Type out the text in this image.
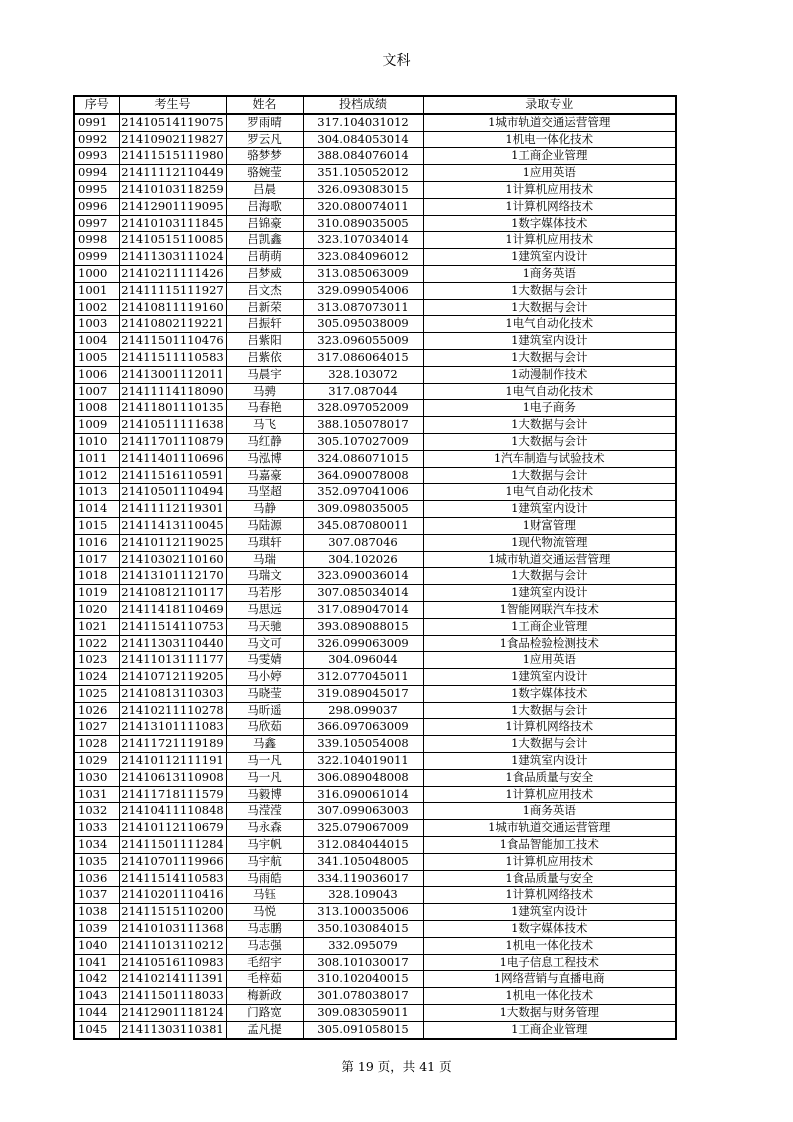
文科
序号	考生号	姓名	投档成绩	录取专业
0991	21410514119075	罗雨晴	317.104031012	1城市轨道交通运营管理
0992	21410902119827	罗云凡	304.084053014	1机电一体化技术
0993	21411515111980	骆梦梦	388.084076014	1工商企业管理
0994	21411112110449	骆婉莹	351.105052012	1应用英语
0995	21410103118259	吕晨	326.093083015	1计算机应用技术
0996	21412901119095	吕海歌	320.080074011	1计算机网络技术
0997	21410103111845	吕锦豪	310.089035005	1数字媒体技术
0998	21410515110085	吕凯鑫	323.107034014	1计算机应用技术
0999	21411303111024	吕萌萌	323.084096012	1建筑室内设计
1000	21410211111426	吕梦威	313.085063009	1商务英语
1001	21411115111927	吕文杰	329.099054006	1大数据与会计
1002	21410811119160	吕新荣	313.087073011	1大数据与会计
1003	21410802119221	吕振轩	305.095038009	1电气自动化技术
1004	21411501110476	吕紫阳	323.096055009	1建筑室内设计
1005	21411511110583	吕紫依	317.086064015	1大数据与会计
1006	21413001112011	马晨宇	328.103072	1动漫制作技术
1007	21411114118090	马骋	317.087044	1电气自动化技术
1008	21411801110135	马春艳	328.097052009	1电子商务
1009	21410511111638	马飞	388.105078017	1大数据与会计
1010	21411701110879	马红静	305.107027009	1大数据与会计
1011	21411401110696	马泓博	324.086071015	1汽车制造与试验技术
1012	21411516110591	马嘉豪	364.090078008	1大数据与会计
1013	21410501110494	马坚超	352.097041006	1电气自动化技术
1014	21411112119301	马静	309.098035005	1建筑室内设计
1015	21411413110045	马陆源	345.087080011	1财富管理
1016	21410112119025	马琪轩	307.087046	1现代物流管理
1017	21410302110160	马瑞	304.102026	1城市轨道交通运营管理
1018	21413101112170	马瑞文	323.090036014	1大数据与会计
1019	21410812110117	马若彤	307.085034014	1建筑室内设计
1020	21411418110469	马思远	317.089047014	1智能网联汽车技术
1021	21411514110753	马天驰	393.089088015	1工商企业管理
1022	21411303110440	马文可	326.099063009	1食品检验检测技术
1023	21411013111177	马雯婧	304.096044	1应用英语
1024	21410712119205	马小婷	312.077045011	1建筑室内设计
1025	21410813110303	马晓莹	319.089045017	1数字媒体技术
1026	21410211110278	马昕遥	298.099037	1大数据与会计
1027	21413101111083	马欣茹	366.097063009	1计算机网络技术
1028	21411721119189	马鑫	339.105054008	1大数据与会计
1029	21410112111191	马一凡	322.104019011	1建筑室内设计
1030	21410613110908	马一凡	306.089048008	1食品质量与安全
1031	21411718111579	马毅博	316.090061014	1计算机应用技术
1032	21410411110848	马滢滢	307.099063003	1商务英语
1033	21410112110679	马永森	325.079067009	1城市轨道交通运营管理
1034	21411501111284	马宇帆	312.084044015	1食品智能加工技术
1035	21410701119966	马宇航	341.105048005	1计算机应用技术
1036	21411514110583	马雨皓	334.119036017	1食品质量与安全
1037	21410201110416	马钰	328.109043	1计算机网络技术
1038	21411515110200	马悦	313.100035006	1建筑室内设计
1039	21410103111368	马志鹏	350.103084015	1数字媒体技术
1040	21411013110212	马志强	332.095079	1机电一体化技术
1041	21410516110983	毛绍宇	308.101030017	1电子信息工程技术
1042	21410214111391	毛梓茹	310.102040015	1网络营销与直播电商
1043	21411501118033	梅新政	301.078038017	1机电一体化技术
1044	21412901118124	门路宽	309.083059011	1大数据与财务管理
1045	21411303110381	孟凡提	305.091058015	1工商企业管理
第 19 页，共 41 页
